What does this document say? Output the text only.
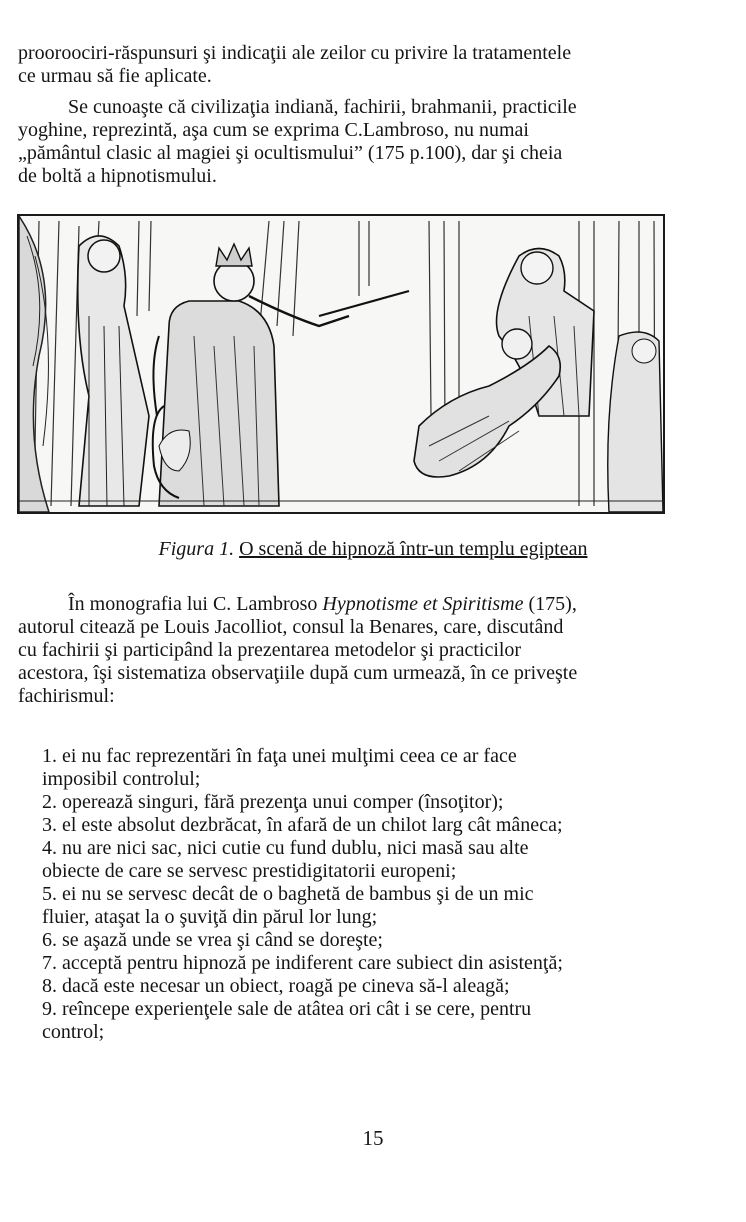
prooroociri-răspunsuri şi indicaţii ale zeilor cu privire la tratamentele
ce urmau să fie aplicate.
Se cunoaşte că civilizaţia indiană, fachirii, brahmanii, practicile
yoghine, reprezintă, aşa cum se exprima C.Lambroso, nu numai
„pământul clasic al magiei şi ocultismului” (175 p.100), dar şi cheia
de boltă a hipnotismului.

Figura 1. O scenă de hipnoză într-un templu egiptean

În monografia lui C. Lambroso Hypnotisme et Spiritisme (175),
autorul citează pe Louis Jacolliot, consul la Benares, care, discutând
cu fachirii şi participând la prezentarea metodelor şi practicilor
acestora, îşi sistematiza observaţiile după cum urmează, în ce priveşte
fachirismul:
1. ei nu fac reprezentări în faţa unei mulţimi ceea ce ar face
imposibil controlul;
2. operează singuri, fără prezenţa unui comper (însoţitor);
3. el este absolut dezbrăcat, în afară de un chilot larg cât mâneca;
4. nu are nici sac, nici cutie cu fund dublu, nici masă sau alte
obiecte de care se servesc prestidigitatorii europeni;
5. ei nu se servesc decât de o baghetă de bambus şi de un mic
fluier, ataşat la o şuviţă din părul lor lung;
6. se aşază unde se vrea şi când se doreşte;
7. acceptă pentru hipnoză pe indiferent care subiect din asistenţă;
8. dacă este necesar un obiect, roagă pe cineva să-l aleagă;
9. reîncepe experienţele sale de atâtea ori cât i se cere, pentru
control;
15
